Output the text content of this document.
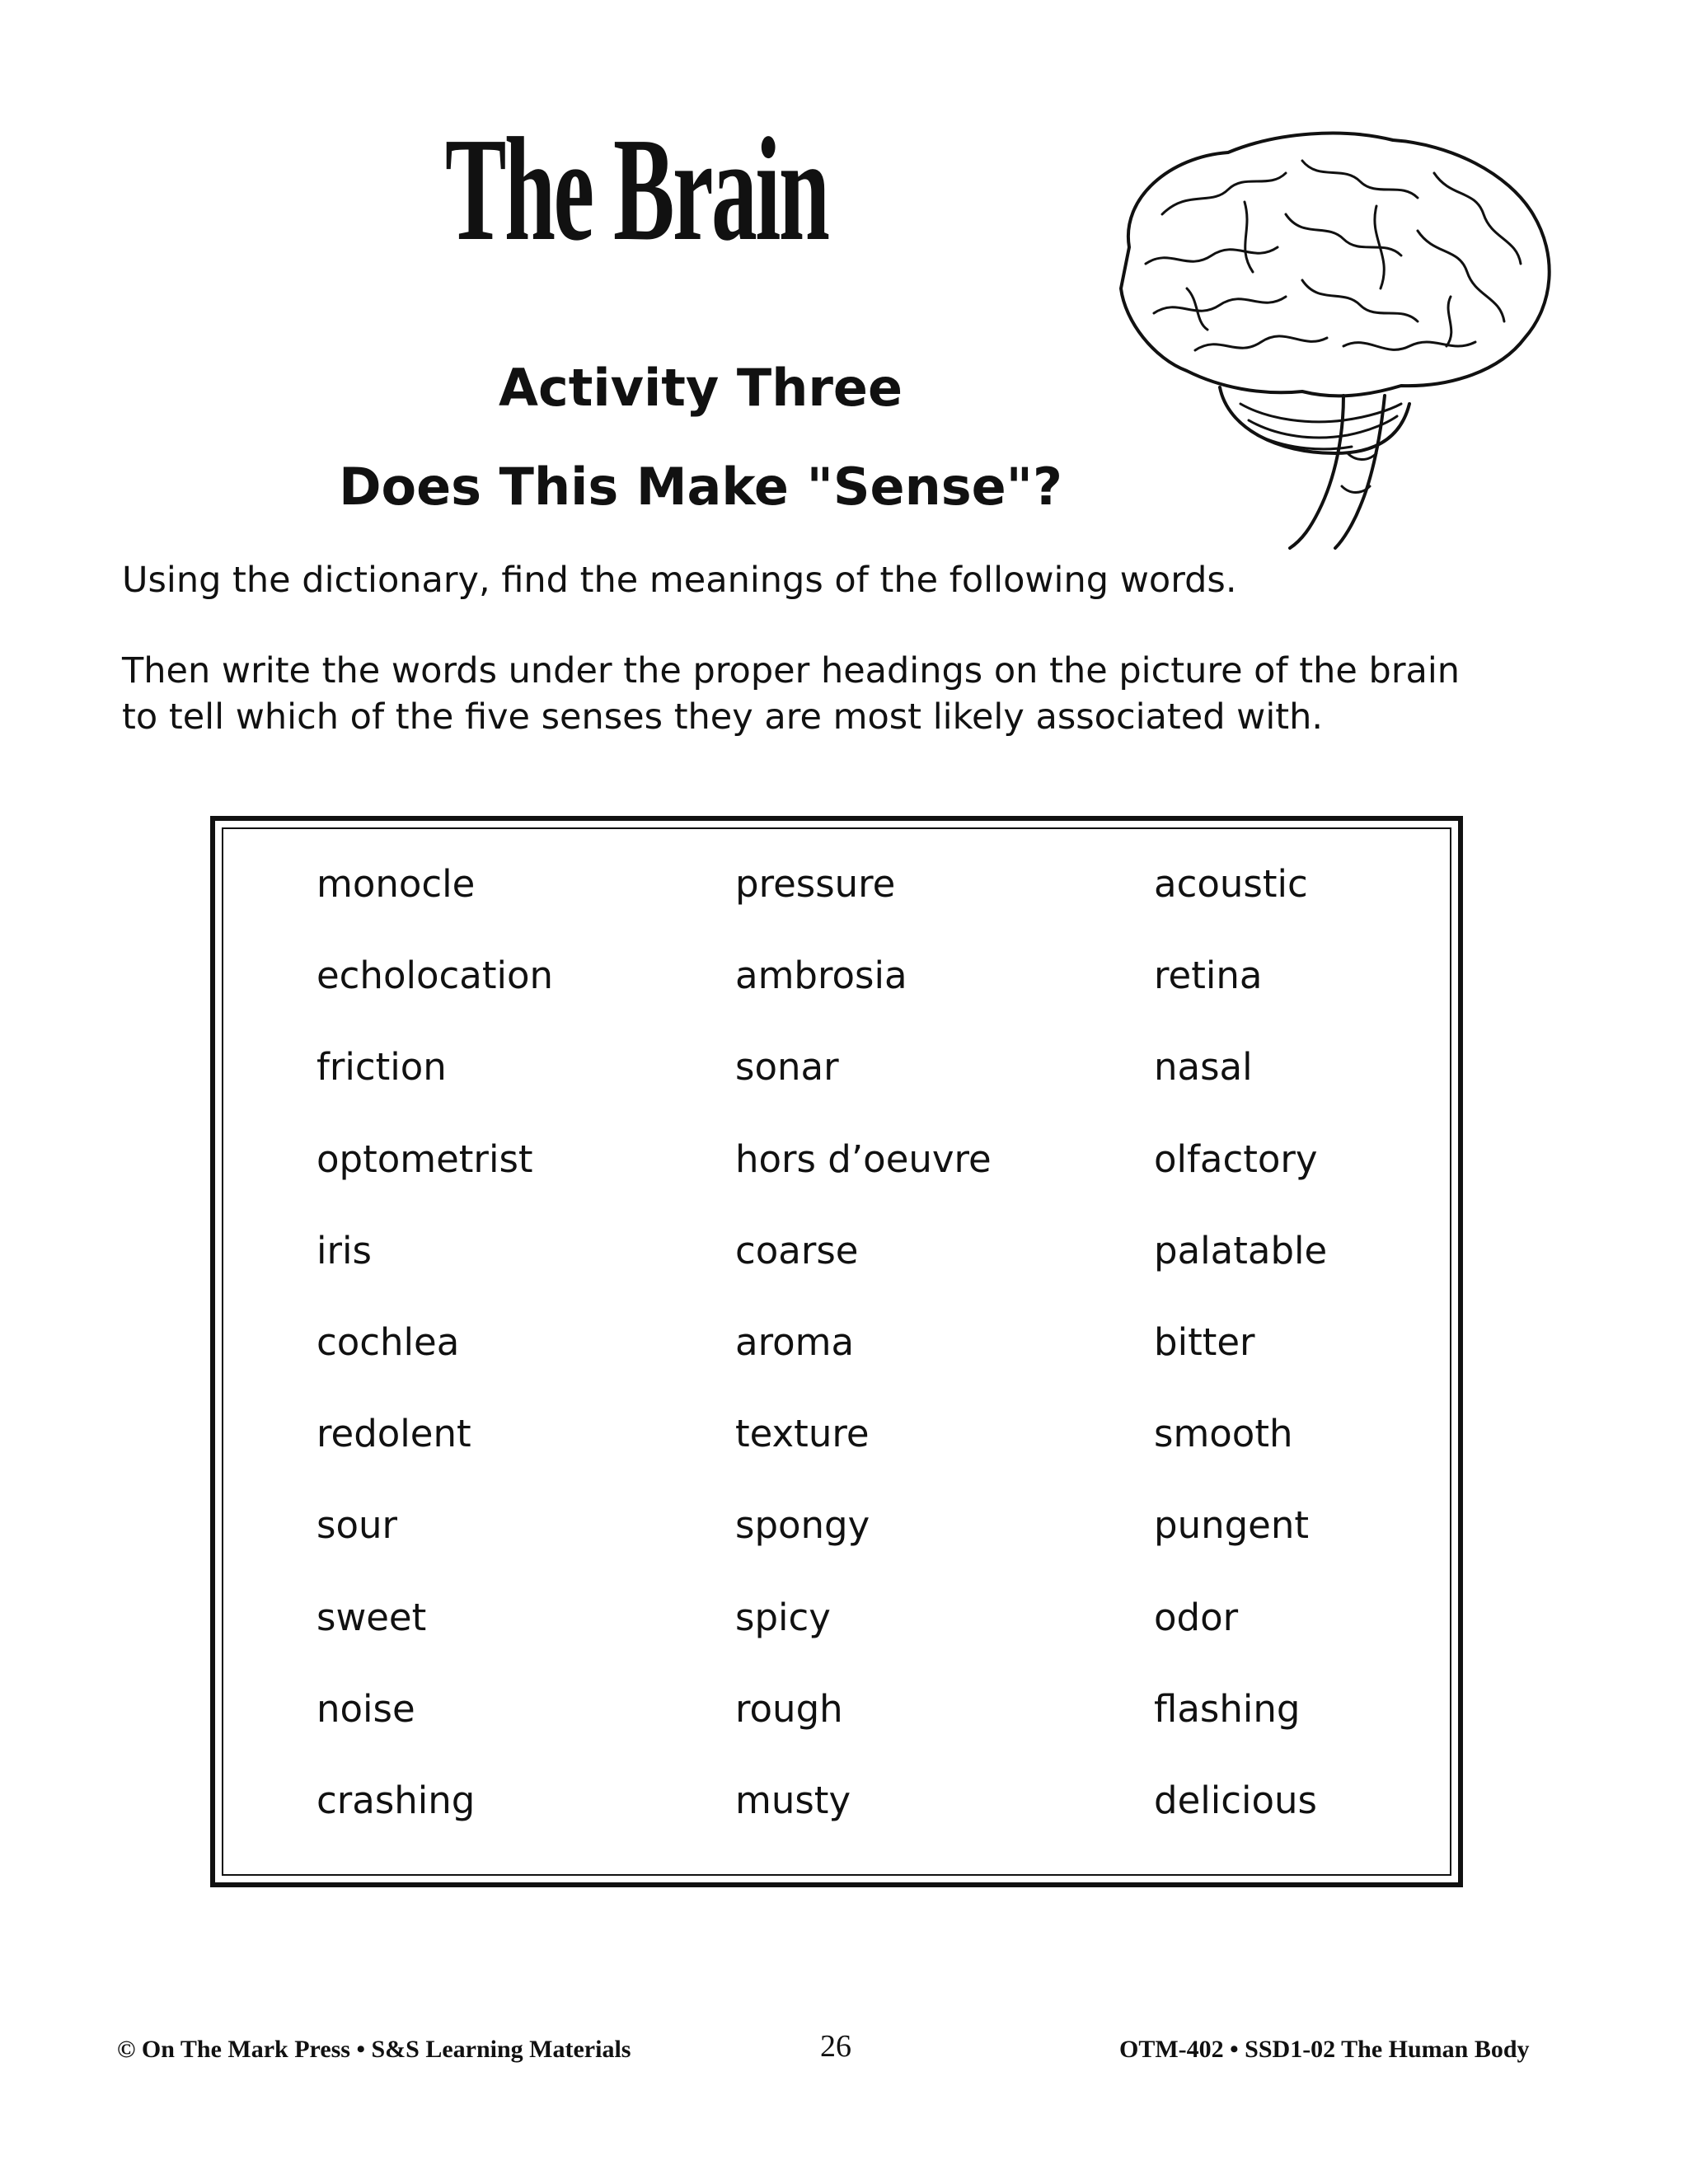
The Brain
Activity Three
Does This Make "Sense"?
Using the dictionary, find the meanings of the following words.
Then write the words under the proper headings on the picture of the brain
to tell which of the five senses they are most likely associated with.
monocle
echolocation
friction
optometrist
iris
cochlea
redolent
sour
sweet
noise
crashing
pressure
ambrosia
sonar
hors d’oeuvre
coarse
aroma
texture
spongy
spicy
rough
musty
acoustic
retina
nasal
olfactory
palatable
bitter
smooth
pungent
odor
flashing
delicious
© On The Mark Press • S&S Learning Materials	26	OTM-402 • SSD1-02 The Human Body
